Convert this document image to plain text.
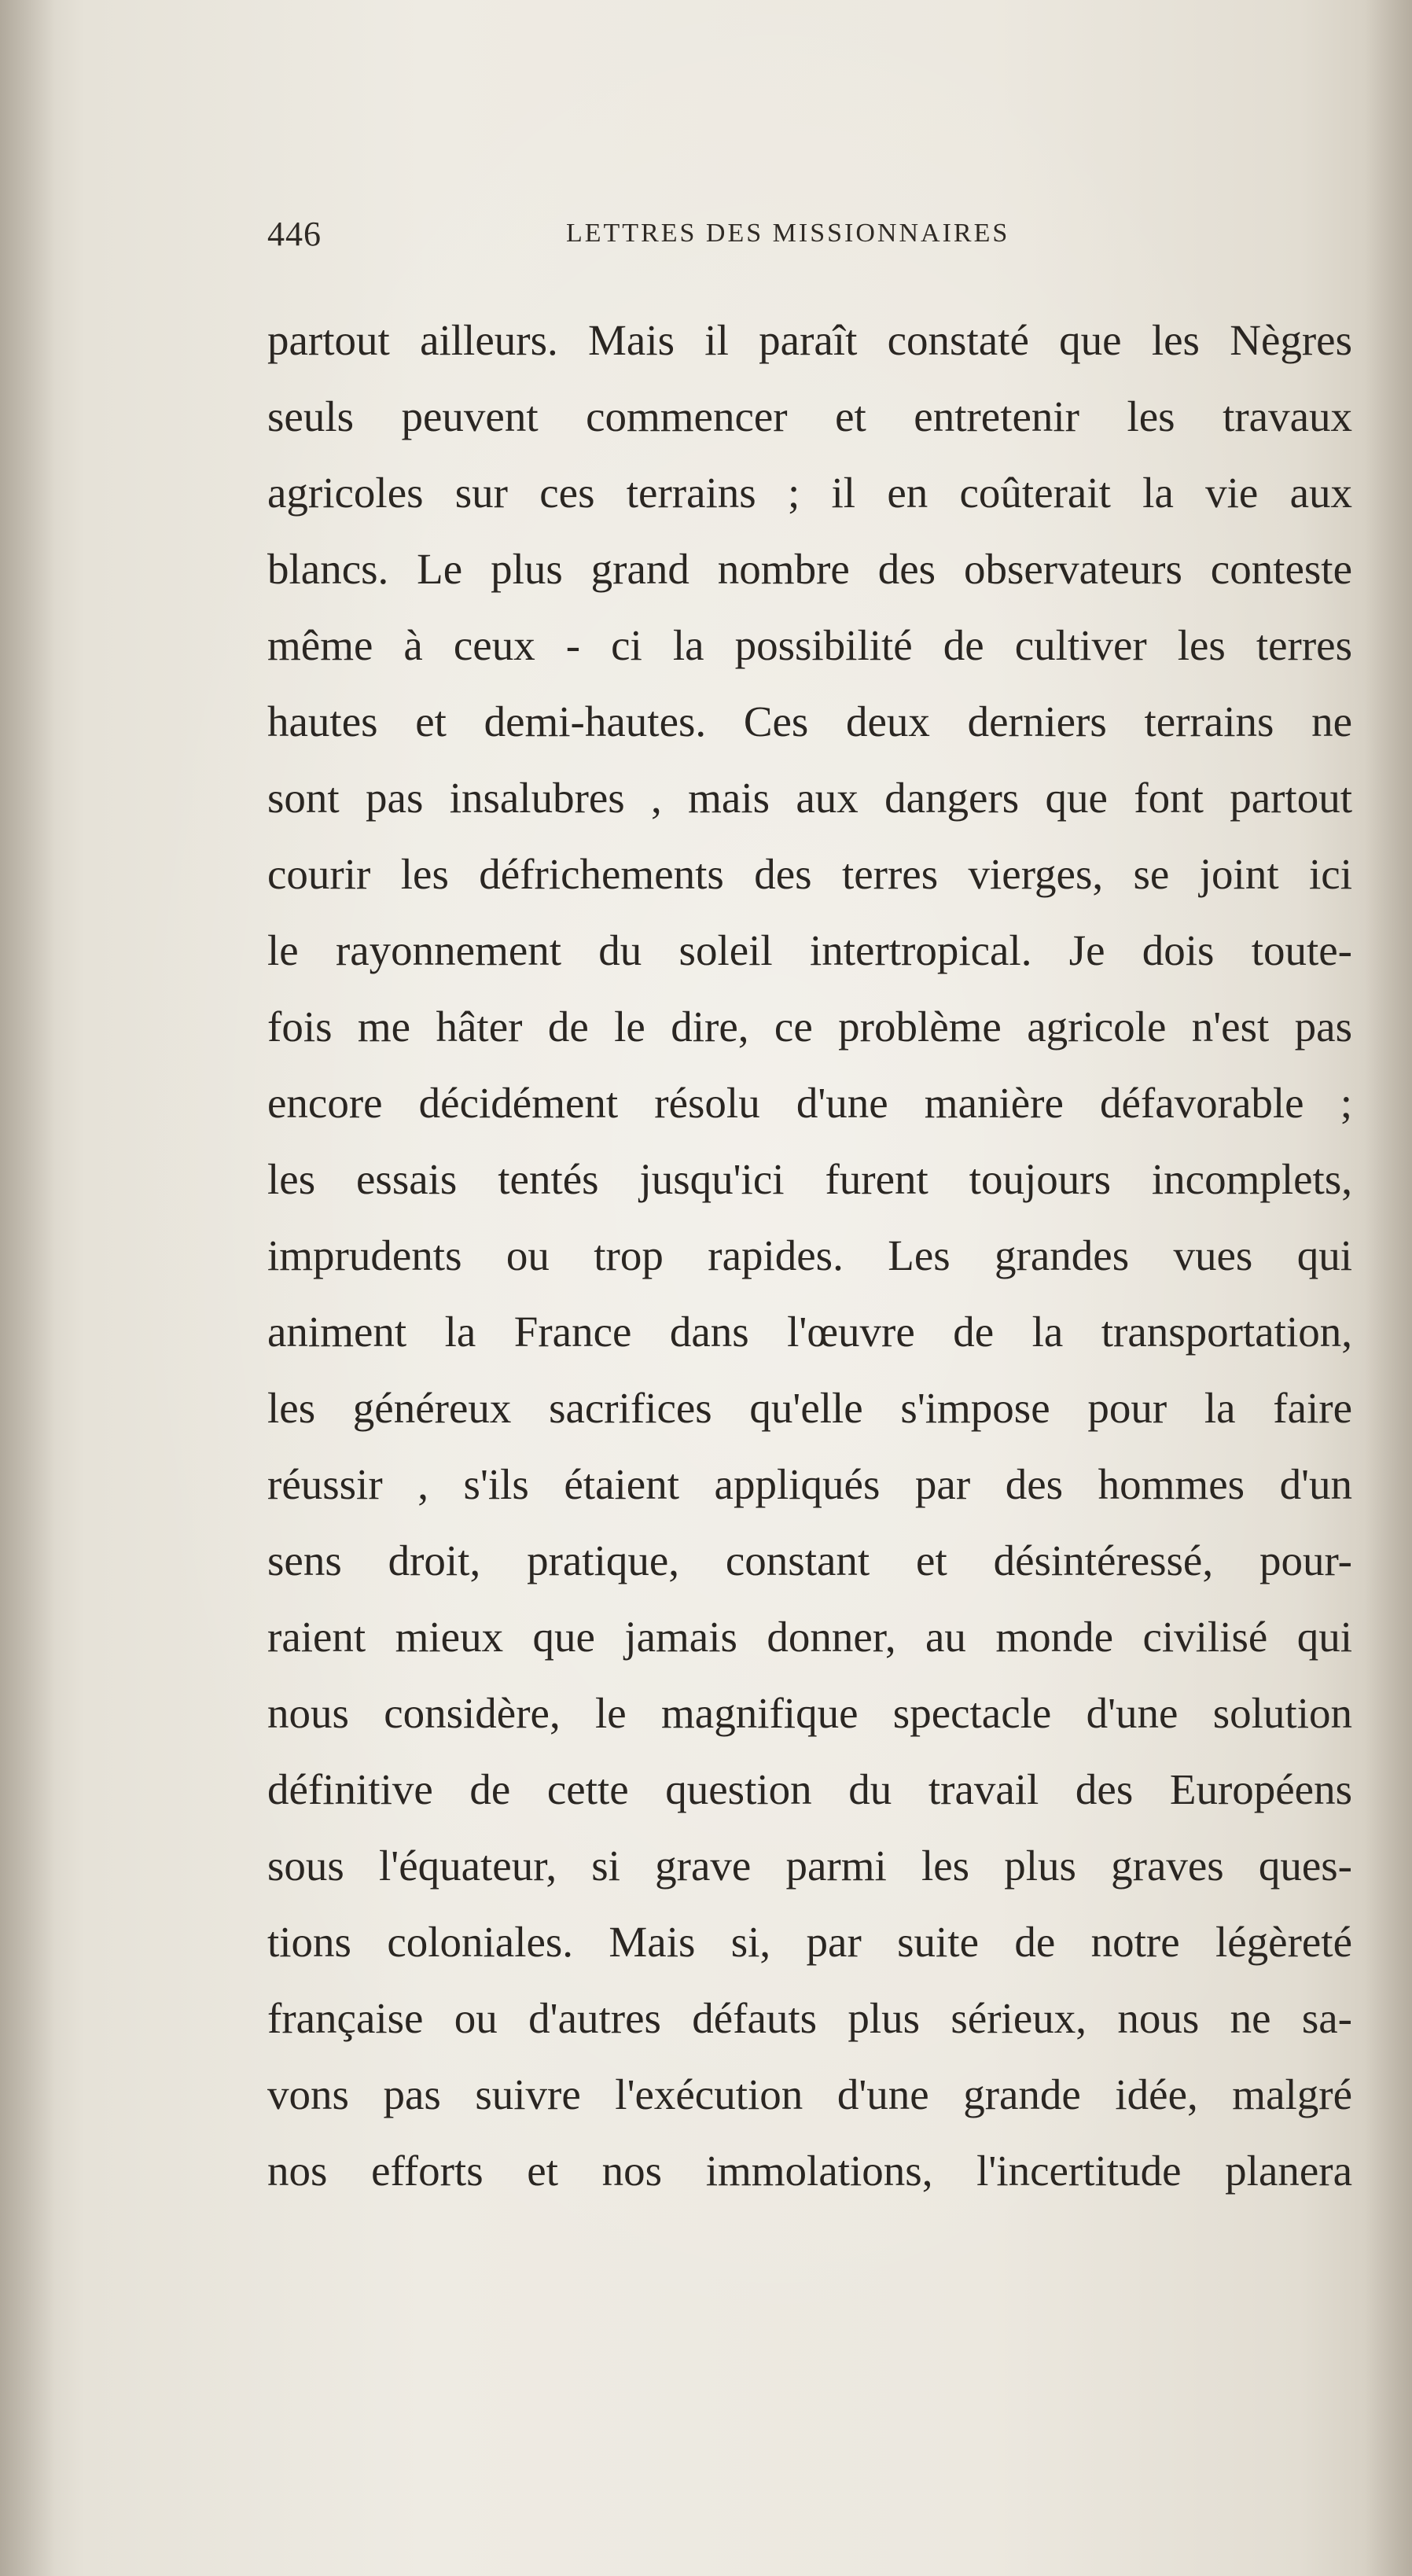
446	LETTRES DES MISSIONNAIRES
partout ailleurs. Mais il paraît constaté que les Nègres
seuls peuvent commencer et entretenir les travaux
agricoles sur ces terrains ; il en coûterait la vie aux
blancs. Le plus grand nombre des observateurs conteste
même à ceux - ci la possibilité de cultiver les terres
hautes et demi-hautes. Ces deux derniers terrains ne
sont pas insalubres , mais aux dangers que font partout
courir les défrichements des terres vierges, se joint ici
le rayonnement du soleil intertropical. Je dois toute-
fois me hâter de le dire, ce problème agricole n'est pas
encore décidément résolu d'une manière défavorable ;
les essais tentés jusqu'ici furent toujours incomplets,
imprudents ou trop rapides. Les grandes vues qui
animent la France dans l'œuvre de la transportation,
les généreux sacrifices qu'elle s'impose pour la faire
réussir , s'ils étaient appliqués par des hommes d'un
sens droit, pratique, constant et désintéressé, pour-
raient mieux que jamais donner, au monde civilisé qui
nous considère, le magnifique spectacle d'une solution
définitive de cette question du travail des Européens
sous l'équateur, si grave parmi les plus graves ques-
tions coloniales. Mais si, par suite de notre légèreté
française ou d'autres défauts plus sérieux, nous ne sa-
vons pas suivre l'exécution d'une grande idée, malgré
nos efforts et nos immolations, l'incertitude planera
